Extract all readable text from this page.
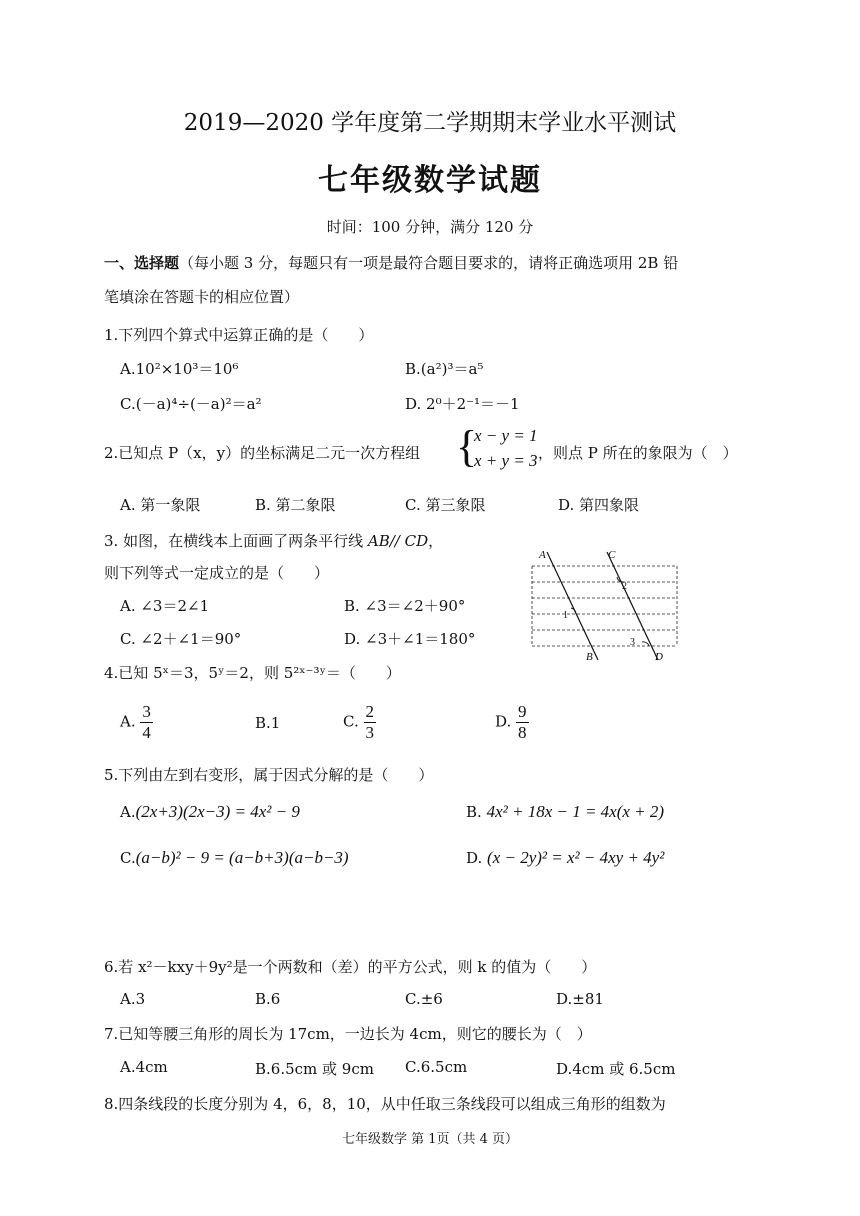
2019—2020 学年度第二学期期末学业水平测试
七年级数学试题
时间：100 分钟，满分 120 分
一、选择题（每小题 3 分，每题只有一项是最符合题目要求的，请将正确选项用 2B 铅
笔填涂在答题卡的相应位置）
1.下列四个算式中运算正确的是（　　）
A.10²×10³＝10⁶	B.(a²)³＝a⁵
C.(－a)⁴÷(－a)²＝a²	D. 2⁰＋2⁻¹＝－1
2.已知点 P（x，y）的坐标满足二元一次方程组 {
x − y = 1
x + y = 3 ，则点 P 所在的象限为（　）
A. 第一象限	B. 第二象限	C. 第三象限	D. 第四象限
3. 如图，在横线本上面画了两条平行线 AB// CD，
则下列等式一定成立的是（　　）
A. ∠3＝2∠1	B. ∠3＝∠2＋90°
C. ∠2＋∠1＝90°	D. ∠3＋∠1＝180°
A	C
B	D
1
2
3
4.已知 5ˣ＝3，5ʸ＝2，则 5²ˣ⁻³ʸ＝（　　）
A. $\frac{3}{4}$	B.1	C. $\frac{2}{3}$	D. $\frac{9}{8}$
5.下列由左到右变形，属于因式分解的是（　　）
A.(2x+3)(2x−3) = 4x² − 9	B. 4x² + 18x − 1 = 4x(x + 2)
C.(a−b)² − 9 = (a−b+3)(a−b−3)	D. (x − 2y)² = x² − 4xy + 4y²
6.若 x²－kxy＋9y²是一个两数和（差）的平方公式，则 k 的值为（　　）
A.3	B.6	C.±6	D.±81
7.已知等腰三角形的周长为 17cm，一边长为 4cm，则它的腰长为（　）
A.4cm	B.6.5cm 或 9cm C.6.5cm	D.4cm 或 6.5cm
8.四条线段的长度分别为 4，6，8，10，从中任取三条线段可以组成三角形的组数为
七年级数学 第 1页（共 4 页）
